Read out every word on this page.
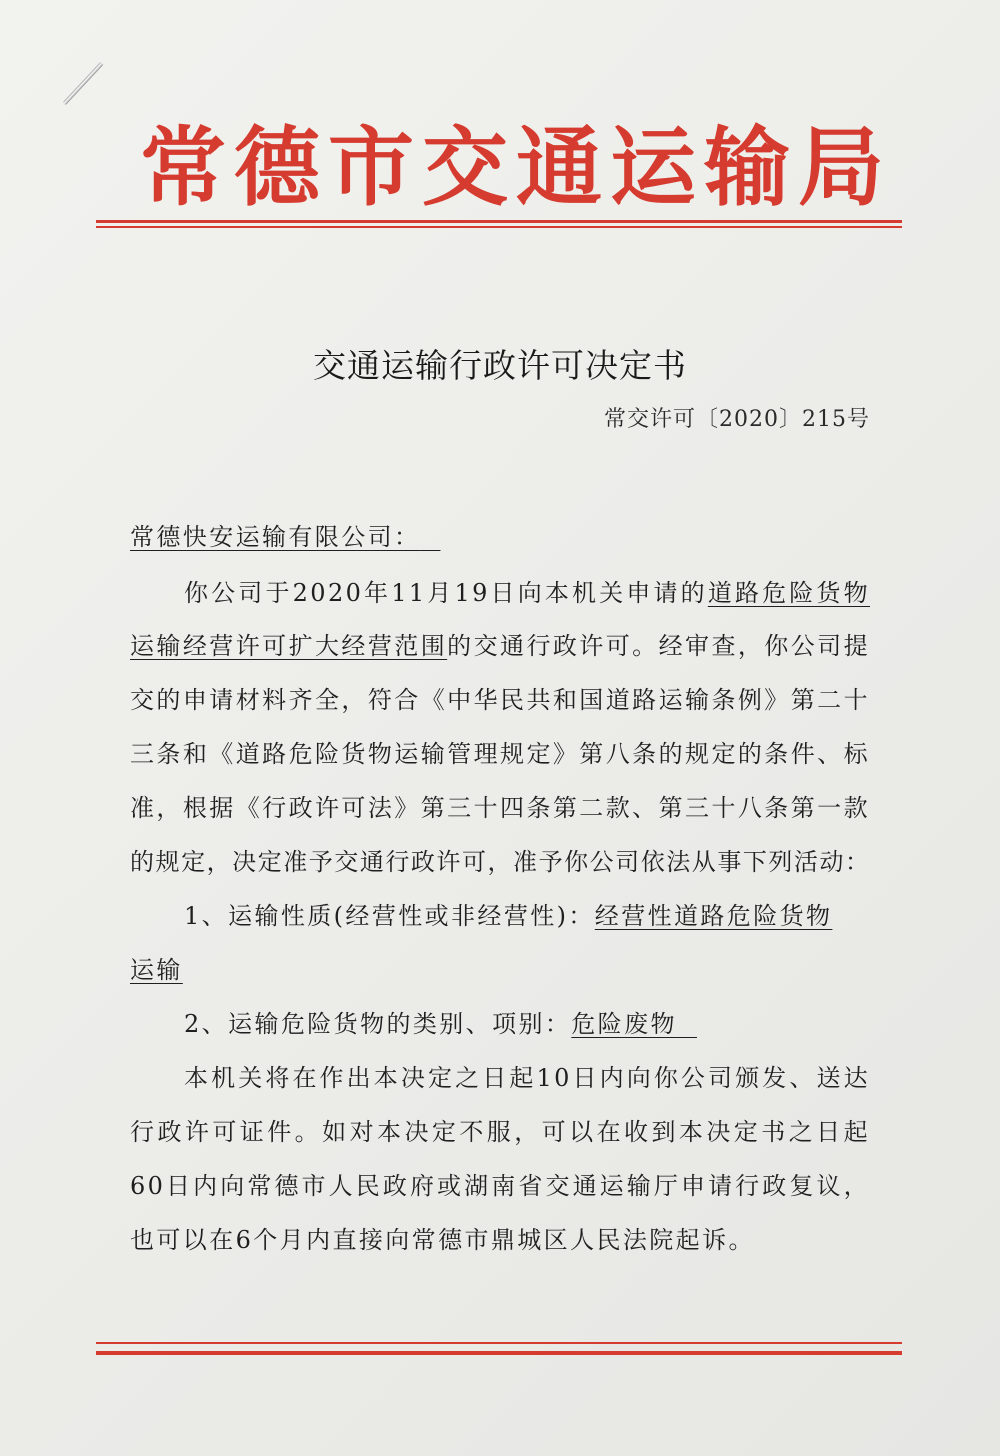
常德市交通运输局
交通运输行政许可决定书
常交许可〔2020〕215号
常德快安运输有限公司：
你公司于2020年11月19日向本机关申请的道路危险货物
运输经营许可扩大经营范围的交通行政许可。经审查，你公司提
交的申请材料齐全，符合《中华民共和国道路运输条例》第二十
三条和《道路危险货物运输管理规定》第八条的规定的条件、标
准，根据《行政许可法》第三十四条第二款、第三十八条第一款
的规定，决定准予交通行政许可，准予你公司依法从事下列活动：
1、运输性质(经营性或非经营性)：经营性道路危险货物
运输
2、运输危险货物的类别、项别：危险废物
本机关将在作出本决定之日起10日内向你公司颁发、送达
行政许可证件。如对本决定不服，可以在收到本决定书之日起
60日内向常德市人民政府或湖南省交通运输厅申请行政复议，
也可以在6个月内直接向常德市鼎城区人民法院起诉。
